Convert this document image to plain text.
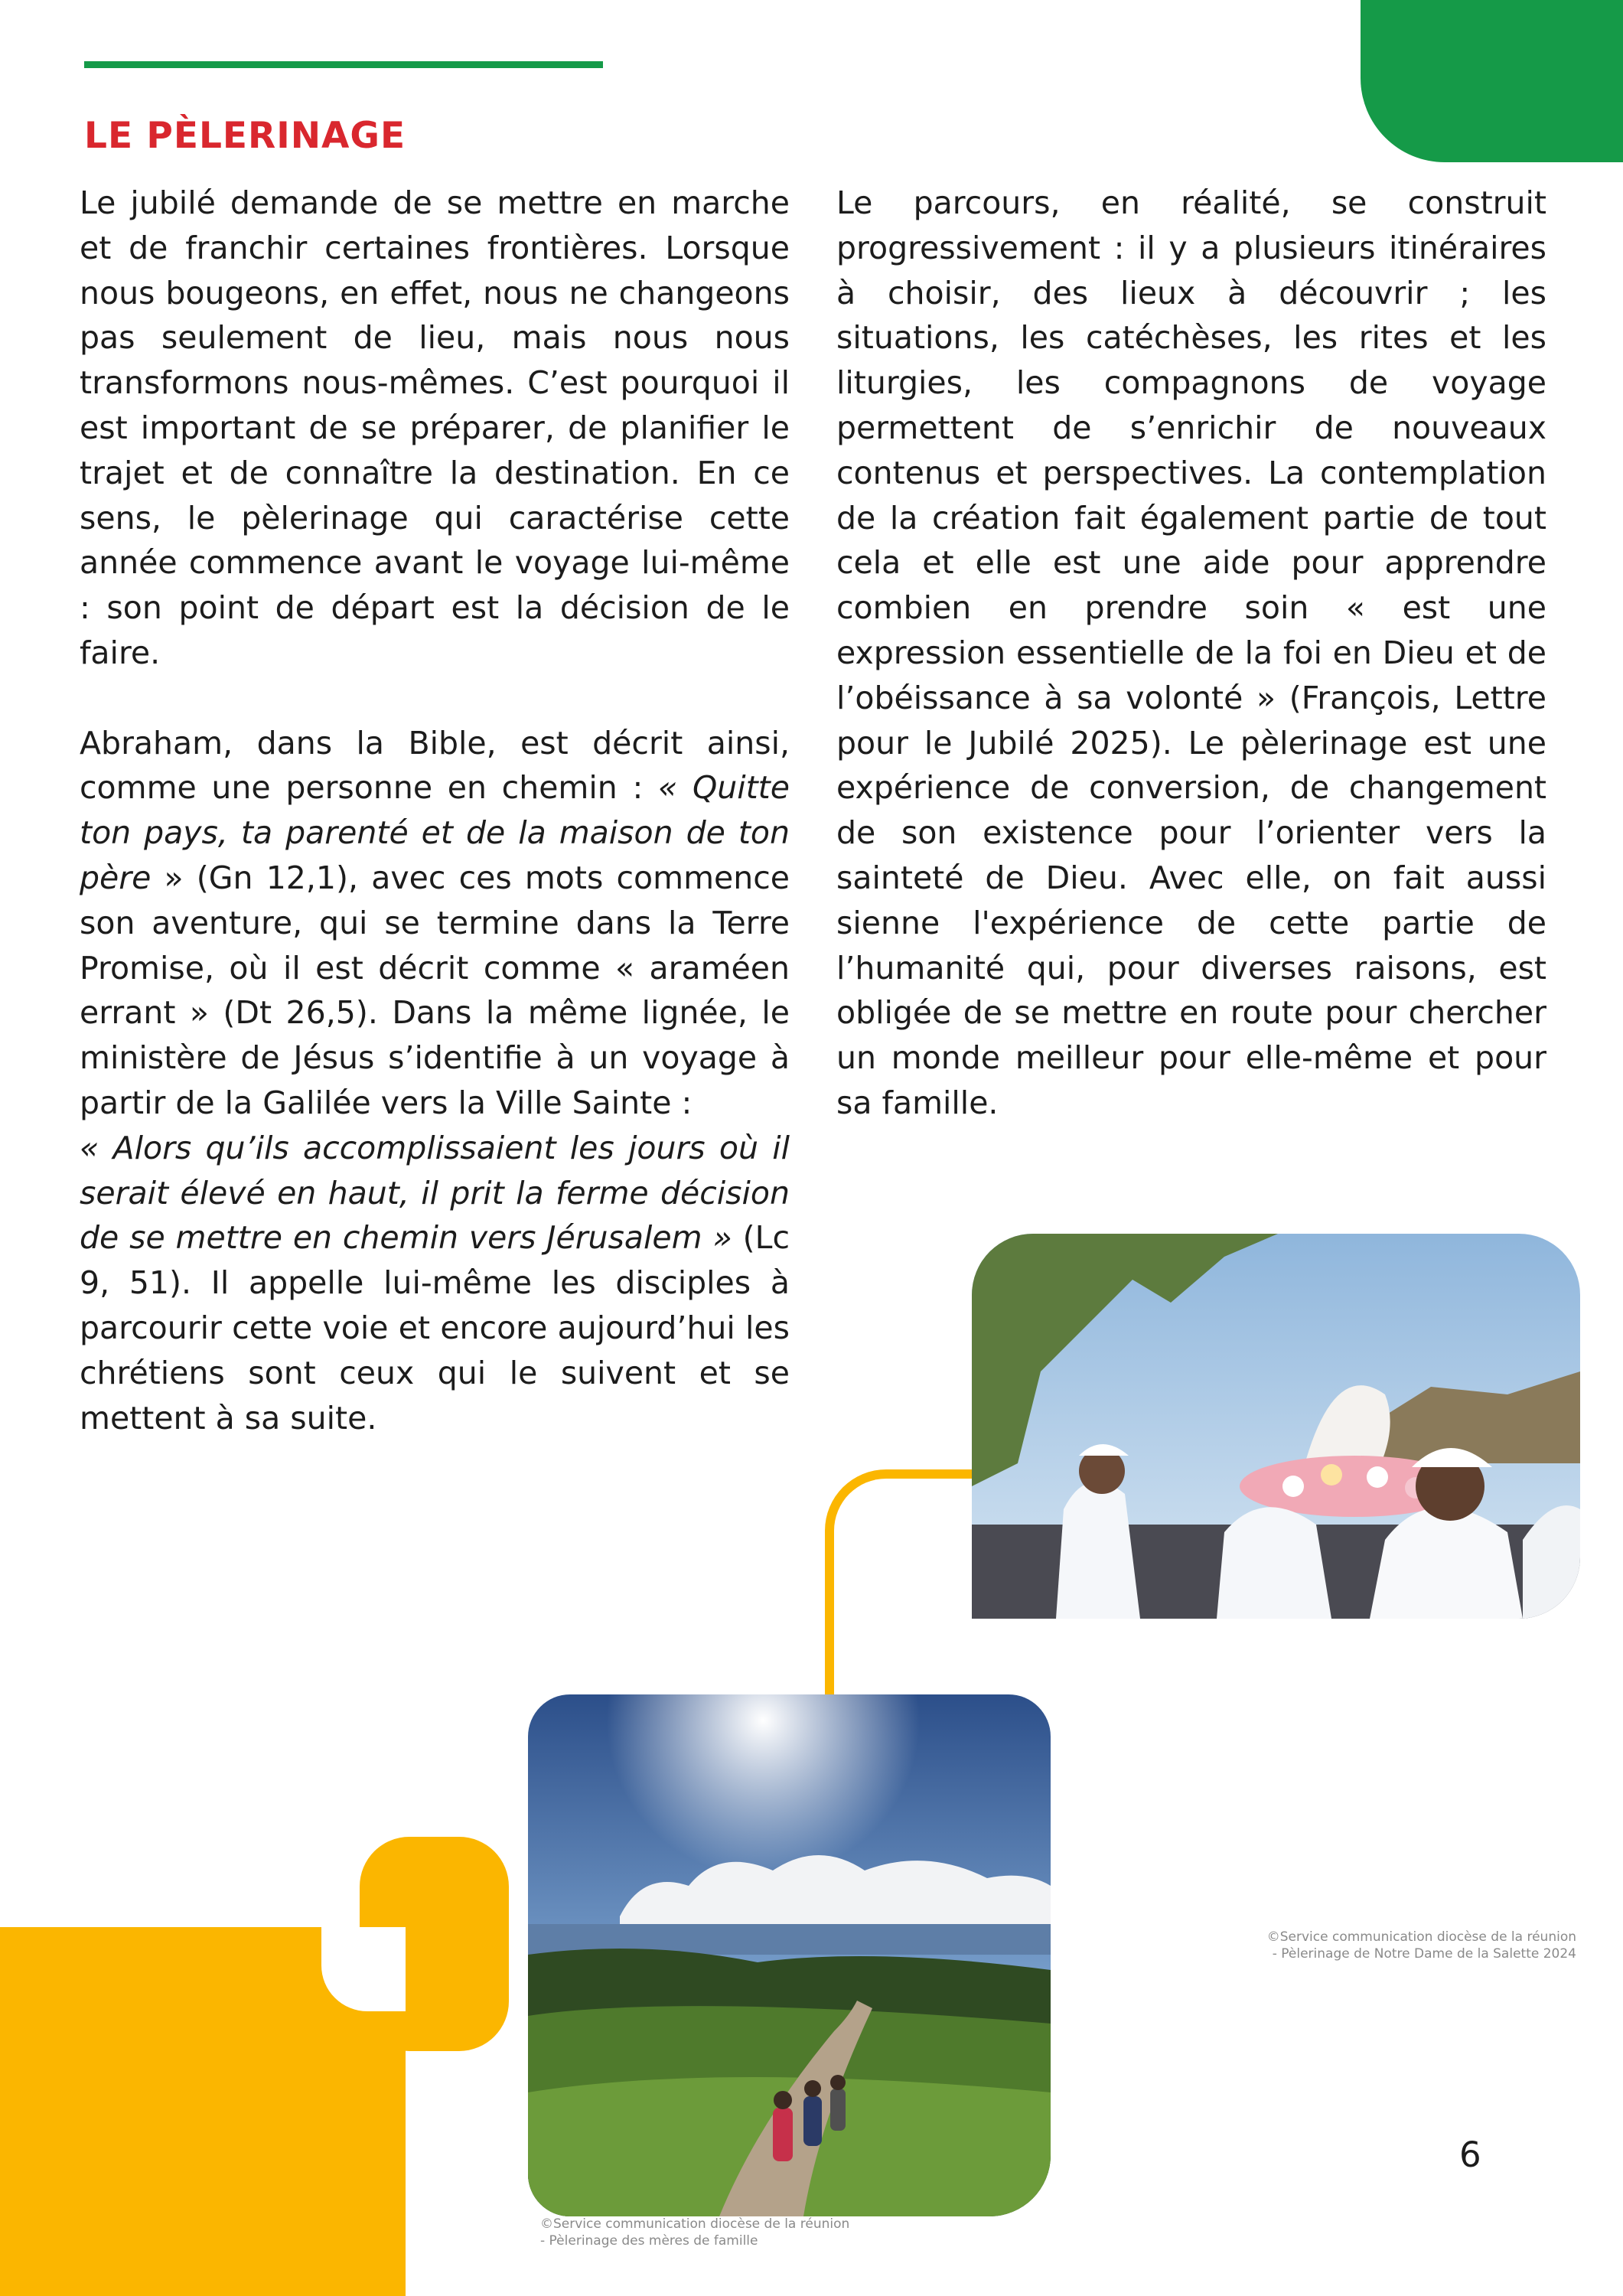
LE PÈLERINAGE

Le jubilé demande de se mettre en marche et de franchir certaines frontières. Lorsque nous bougeons, en effet, nous ne changeons pas seulement de lieu, mais nous nous transformons nous-mêmes. C’est pourquoi il est important de se préparer, de planifier le trajet et de connaître la destination. En ce sens, le pèlerinage qui caractérise cette année commence avant le voyage lui-même : son point de départ est la décision de le faire.

Abraham, dans la Bible, est décrit ainsi, comme une personne en chemin : « Quitte ton pays, ta parenté et de la maison de ton père » (Gn 12,1), avec ces mots commence son aventure, qui se termine dans la Terre Promise, où il est décrit comme « araméen errant » (Dt 26,5). Dans la même lignée, le ministère de Jésus s’identifie à un voyage à partir de la Galilée vers la Ville Sainte :
« Alors qu’ils accomplissaient les jours où il serait élevé en haut, il prit la ferme décision de se mettre en chemin vers Jérusalem » (Lc 9, 51). Il appelle lui-même les disciples à parcourir cette voie et encore aujourd’hui les chrétiens sont ceux qui le suivent et se mettent à sa suite.

Le parcours, en réalité, se construit progressivement : il y a plusieurs itinéraires à choisir, des lieux à découvrir ; les situations, les catéchèses, les rites et les liturgies, les compagnons de voyage permettent de s’enrichir de nouveaux contenus et perspectives. La contemplation de la création fait également partie de tout cela et elle est une aide pour apprendre combien en prendre soin « est une expression essentielle de la foi en Dieu et de l’obéissance à sa volonté » (François, Lettre pour le Jubilé 2025). Le pèlerinage est une expérience de conversion, de changement de son existence pour l’orienter vers la sainteté de Dieu. Avec elle, on fait aussi sienne l'expérience de cette partie de l’humanité qui, pour diverses raisons, est obligée de se mettre en route pour chercher un monde meilleur pour elle-même et pour sa famille.

©Service communication diocèse de la réunion
- Pèlerinage de Notre Dame de la Salette 2024
©Service communication diocèse de la réunion
- Pèlerinage des mères de famille
6
